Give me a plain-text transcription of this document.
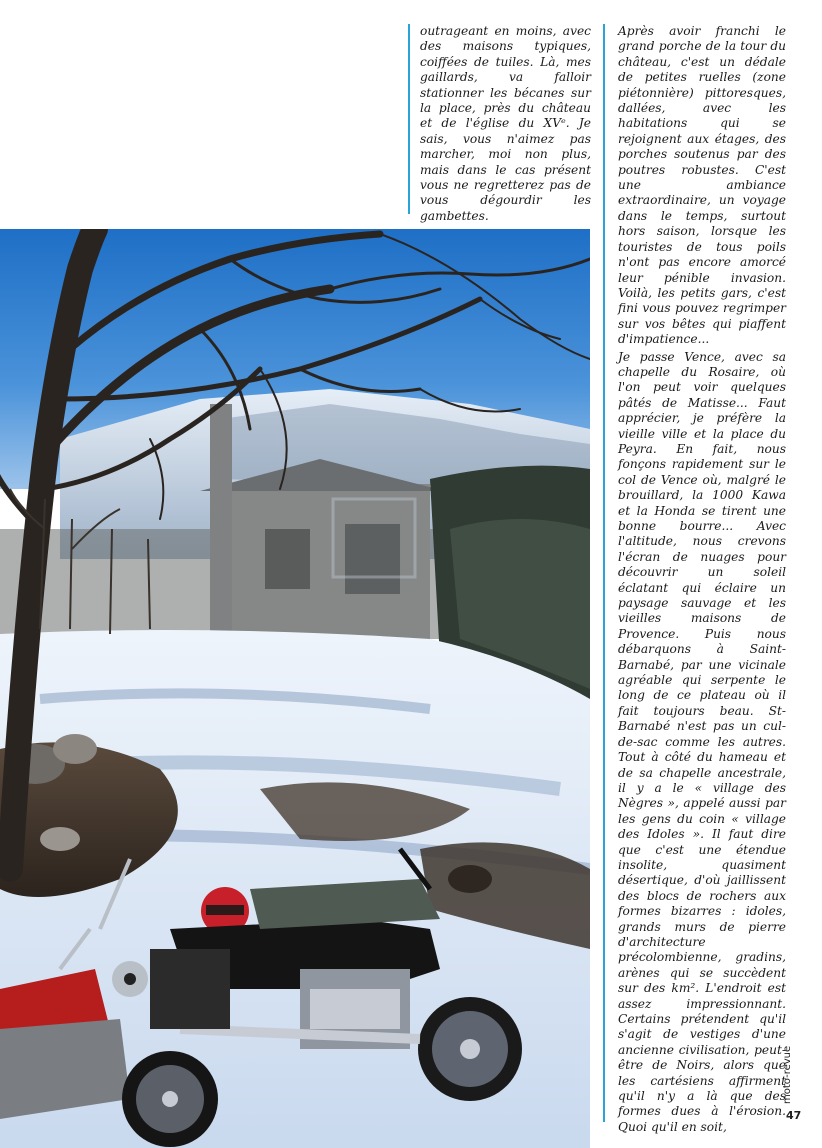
outrageant en moins, avec des maisons typiques, coiffées de tuiles. Là, mes gaillards, va falloir stationner les bécanes sur la place, près du château et de l'église du XVᵉ. Je sais, vous n'aimez pas marcher, moi non plus, mais dans le cas présent vous ne regretterez pas de vous dégourdir les gambettes.

Après avoir franchi le grand porche de la tour du château, c'est un dédale de petites ruelles (zone piétonnière) pittoresques, dallées, avec les habitations qui se rejoignent aux étages, des porches soutenus par des poutres robustes. C'est une ambiance extraordinaire, un voyage dans le temps, surtout hors saison, lorsque les touristes de tous poils n'ont pas encore amorcé leur pénible invasion. Voilà, les petits gars, c'est fini vous pouvez regrimper sur vos bêtes qui piaffent d'impatience...

Je passe Vence, avec sa chapelle du Rosaire, où l'on peut voir quelques pâtés de Matisse... Faut apprécier, je préfère la vieille ville et la place du Peyra. En fait, nous fonçons rapidement sur le col de Vence où, malgré le brouillard, la 1000 Kawa et la Honda se tirent une bonne bourre... Avec l'altitude, nous crevons l'écran de nuages pour découvrir un soleil éclatant qui éclaire un paysage sauvage et les vieilles maisons de Provence. Puis nous débarquons à Saint-Barnabé, par une vicinale agréable qui serpente le long de ce plateau où il fait toujours beau. St-Barnabé n'est pas un cul-de-sac comme les autres. Tout à côté du hameau et de sa chapelle ancestrale, il y a le « village des Nègres », appelé aussi par les gens du coin « village des Idoles ». Il faut dire que c'est une étendue insolite, quasiment désertique, d'où jaillissent des blocs de rochers aux formes bizarres : idoles, grands murs de pierre d'architecture précolombienne, gradins, arènes qui se succèdent sur des km². L'endroit est assez impressionnant. Certains prétendent qu'il s'agit de vestiges d'une ancienne civilisation, peut-être de Noirs, alors que les cartésiens affirment qu'il n'y a là que des formes dues à l'érosion. Quoi qu'il en soit,

moto-revue
47
